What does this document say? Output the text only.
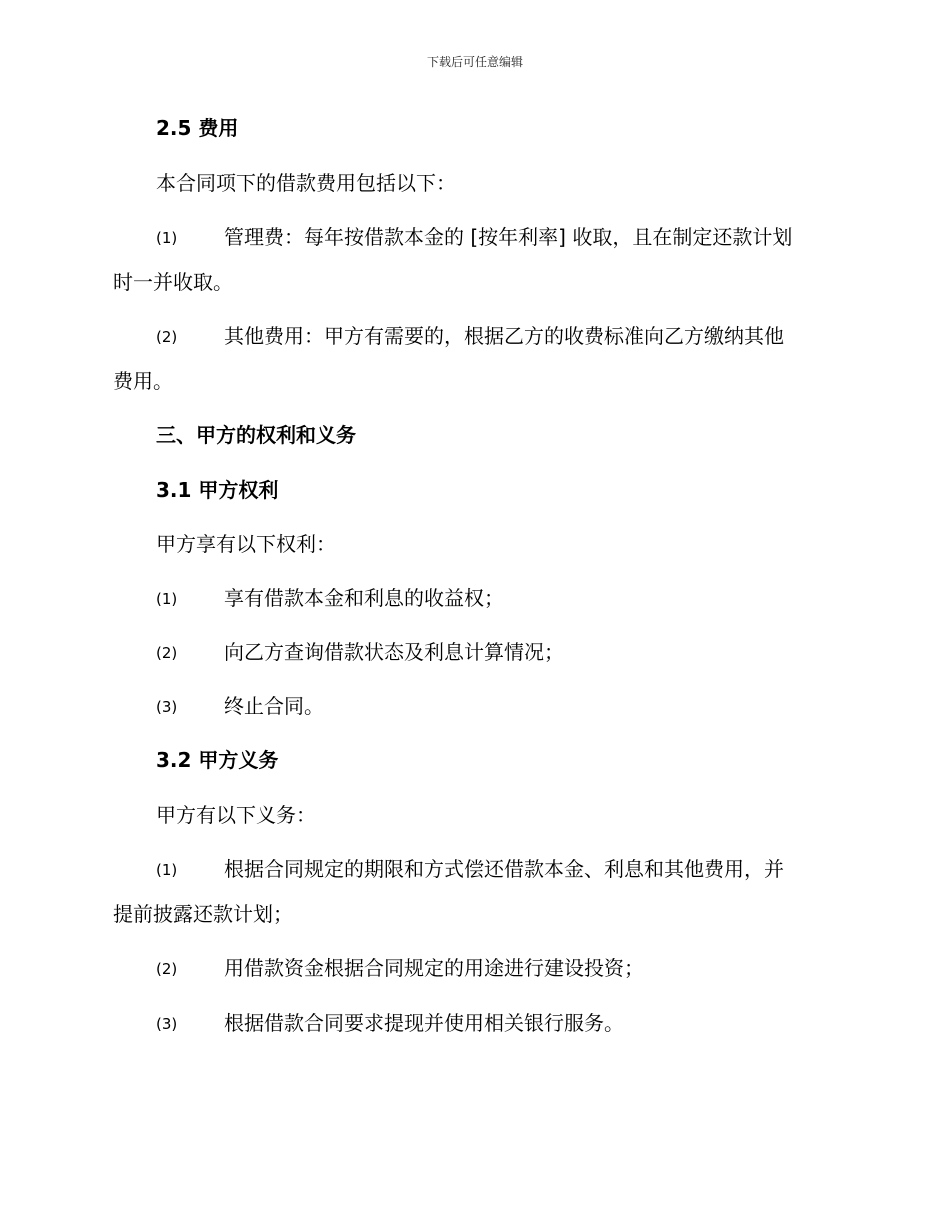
下载后可任意编辑
2.5 费用
本合同项下的借款费用包括以下：
(1) 管理费：每年按借款本金的 [按年利率] 收取，且在制定还款计划
时一并收取。
(2) 其他费用：甲方有需要的，根据乙方的收费标准向乙方缴纳其他
费用。
三、甲方的权利和义务
3.1 甲方权利
甲方享有以下权利：
(1) 享有借款本金和利息的收益权；
(2) 向乙方查询借款状态及利息计算情况；
(3) 终止合同。
3.2 甲方义务
甲方有以下义务：
(1) 根据合同规定的期限和方式偿还借款本金、利息和其他费用，并
提前披露还款计划；
(2) 用借款资金根据合同规定的用途进行建设投资；
(3) 根据借款合同要求提现并使用相关银行服务。
